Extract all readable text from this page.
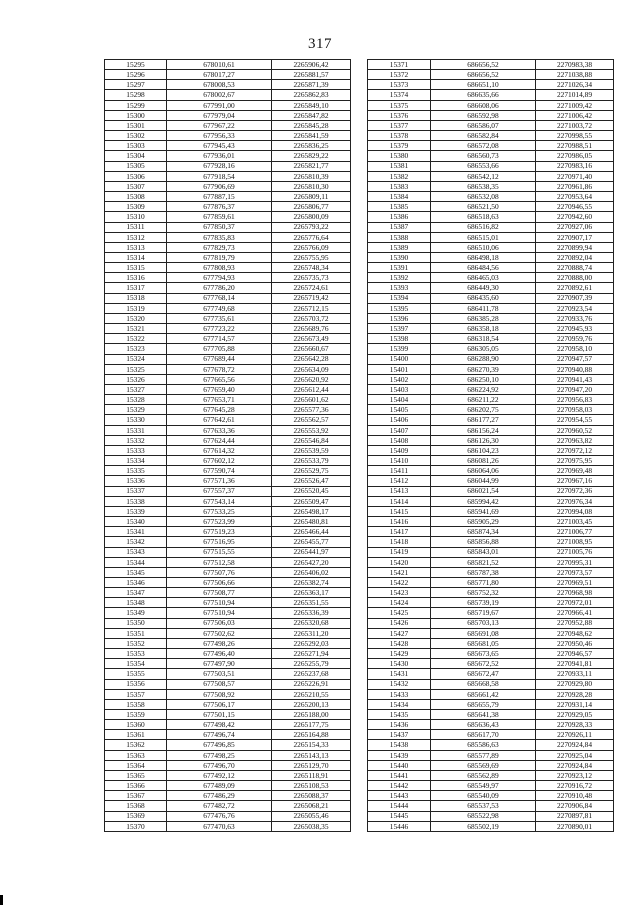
317
15295	678010,61	2265906,42
15296	678017,27	2265881,57
15297	678008,53	2265871,39
15298	678002,67	2265862,83
15299	677991,00	2265849,10
15300	677979,04	2265847,82
15301	677967,22	2265845,28
15302	677956,33	2265841,59
15303	677945,43	2265836,25
15304	677936,01	2265829,22
15305	677928,16	2265821,77
15306	677918,54	2265810,39
15307	677906,69	2265810,30
15308	677887,15	2265809,11
15309	677876,37	2265806,77
15310	677859,61	2265800,09
15311	677850,37	2265793,22
15312	677835,83	2265776,64
15313	677829,73	2265766,09
15314	677819,79	2265755,95
15315	677808,93	2265748,34
15316	677794,93	2265735,73
15317	677786,20	2265724,61
15318	677768,14	2265719,42
15319	677749,68	2265712,15
15320	677735,61	2265703,72
15321	677723,22	2265689,76
15322	677714,57	2265673,49
15323	677705,88	2265660,67
15324	677689,44	2265642,28
15325	677678,72	2265634,09
15326	677665,56	2265620,92
15327	677659,40	2265612,44
15328	677653,71	2265601,62
15329	677645,28	2265577,36
15330	677642,61	2265562,57
15331	677633,36	2265553,92
15332	677624,44	2265546,84
15333	677614,32	2265539,59
15334	677602,12	2265533,79
15335	677590,74	2265529,75
15336	677571,36	2265526,47
15337	677557,37	2265520,45
15338	677543,14	2265509,47
15339	677533,25	2265498,17
15340	677523,99	2265480,81
15341	677519,23	2265466,44
15342	677516,95	2265455,77
15343	677515,55	2265441,97
15344	677512,58	2265427,20
15345	677507,76	2265406,02
15346	677506,66	2265382,74
15347	677508,77	2265363,17
15348	677510,94	2265351,55
15349	677510,94	2265336,39
15350	677506,03	2265320,68
15351	677502,62	2265311,20
15352	677498,26	2265292,03
15353	677496,40	2265271,94
15354	677497,90	2265255,79
15355	677503,51	2265237,68
15356	677508,57	2265226,91
15357	677508,92	2265210,55
15358	677506,17	2265200,13
15359	677501,15	2265188,00
15360	677498,42	2265177,75
15361	677496,74	2265164,88
15362	677496,85	2265154,33
15363	677498,25	2265143,13
15364	677496,70	2265129,70
15365	677492,12	2265118,91
15366	677489,09	2265108,53
15367	677486,29	2265088,37
15368	677482,72	2265068,21
15369	677476,76	2265055,46
15370	677470,63	2265038,35
15371	686656,52	2270983,38
15372	686656,52	2271038,88
15373	686651,10	2271026,34
15374	686635,66	2271014,89
15375	686608,06	2271009,42
15376	686592,98	2271006,42
15377	686586,07	2271003,72
15378	686582,84	2270998,55
15379	686572,08	2270988,51
15380	686560,73	2270986,05
15381	686553,66	2270983,16
15382	686542,12	2270971,40
15383	686538,35	2270961,86
15384	686532,08	2270953,64
15385	686521,50	2270946,55
15386	686518,63	2270942,60
15387	686516,82	2270927,06
15388	686515,01	2270907,17
15389	686510,06	2270899,94
15390	686498,18	2270892,04
15391	686484,56	2270888,74
15392	686465,03	2270888,00
15393	686449,30	2270892,61
15394	686435,60	2270907,39
15395	686411,78	2270923,54
15396	686385,28	2270933,76
15397	686358,18	2270945,93
15398	686318,54	2270959,76
15399	686305,05	2270958,10
15400	686288,90	2270947,57
15401	686270,39	2270940,88
15402	686250,10	2270941,43
15403	686224,92	2270947,20
15404	686211,22	2270956,83
15405	686202,75	2270958,03
15406	686177,27	2270954,55
15407	686156,24	2270960,52
15408	686126,30	2270963,82
15409	686104,23	2270972,12
15410	686081,26	2270975,95
15411	686064,06	2270969,48
15412	686044,99	2270967,16
15413	686021,54	2270972,36
15414	685994,42	2270976,34
15415	685941,69	2270994,08
15416	685905,29	2271003,45
15417	685874,34	2271006,77
15418	685856,88	2271008,95
15419	685843,01	2271005,76
15420	685821,52	2270995,31
15421	685787,38	2270973,57
15422	685771,80	2270969,51
15423	685752,32	2270968,98
15424	685739,19	2270972,01
15425	685719,67	2270966,41
15426	685703,13	2270952,88
15427	685691,08	2270948,62
15428	685681,05	2270950,46
15429	685673,65	2270946,57
15430	685672,52	2270941,81
15431	685672,47	2270933,11
15432	685668,58	2270929,80
15433	685661,42	2270928,28
15434	685655,79	2270931,14
15435	685641,38	2270929,05
15436	685636,43	2270928,33
15437	685617,70	2270926,11
15438	685586,63	2270924,84
15439	685577,89	2270925,04
15440	685569,69	2270924,84
15441	685562,89	2270923,12
15442	685549,97	2270916,72
15443	685540,09	2270910,48
15444	685537,53	2270906,84
15445	685522,98	2270897,81
15446	685502,19	2270890,01
